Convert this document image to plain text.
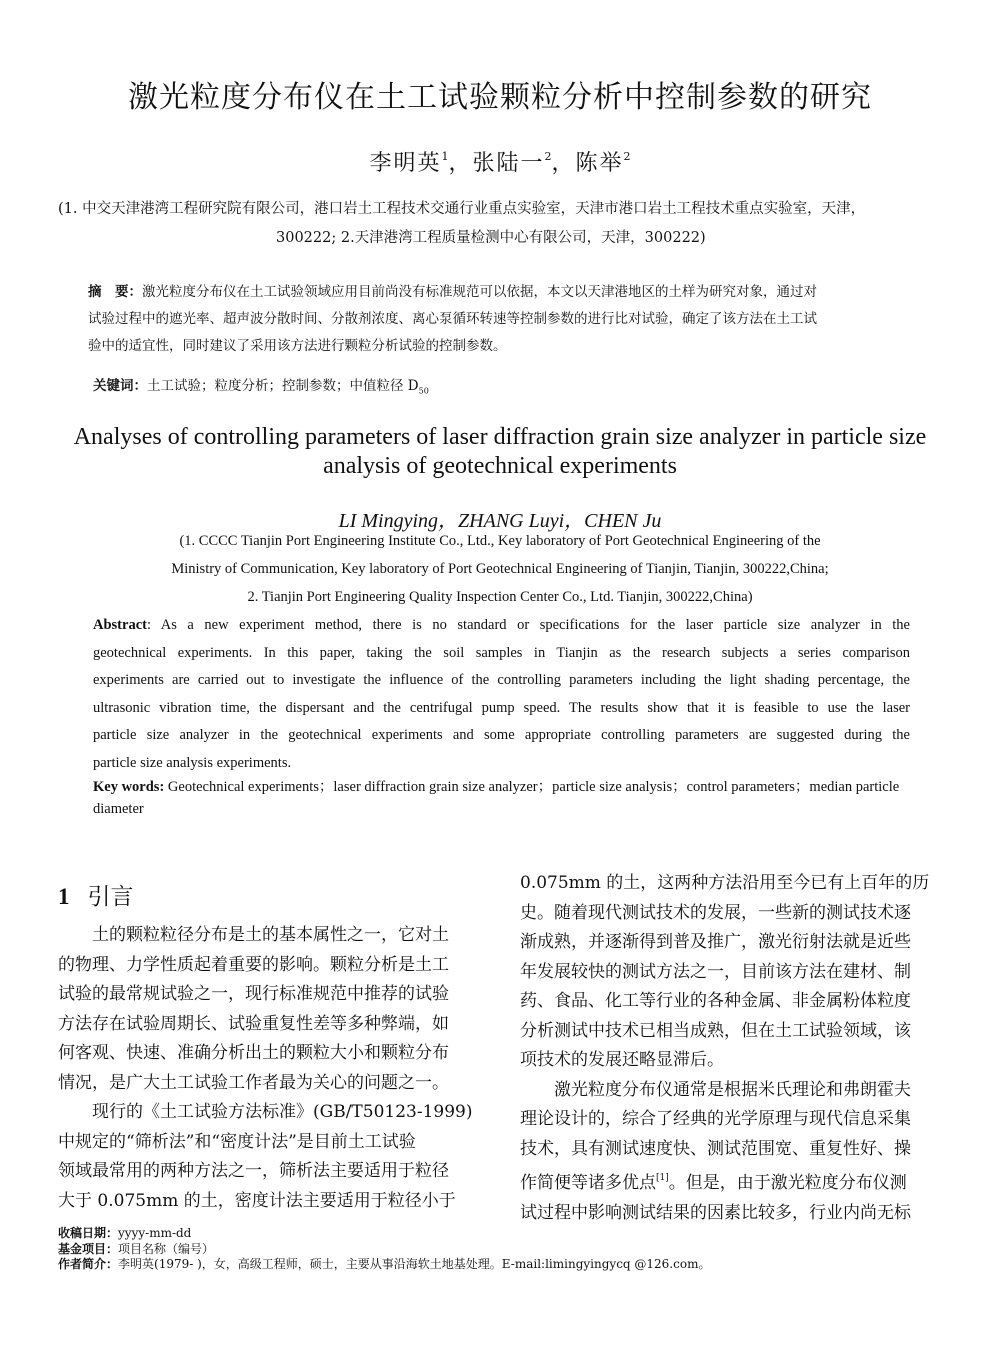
激光粒度分布仪在土工试验颗粒分析中控制参数的研究
李明英$^1$，张陆一$^2$，陈举$^2$
(1. 中交天津港湾工程研究院有限公司，港口岩土工程技术交通行业重点实验室，天津市港口岩土工程技术重点实验室，天津，
300222; 2.天津港湾工程质量检测中心有限公司，天津，300222)
摘　要：激光粒度分布仪在土工试验领域应用目前尚没有标准规范可以依据，本文以天津港地区的土样为研究对象，通过对
试验过程中的遮光率、超声波分散时间、分散剂浓度、离心泵循环转速等控制参数的进行比对试验，确定了该方法在土工试
验中的适宜性，同时建议了采用该方法进行颗粒分析试验的控制参数。
关键词：土工试验；粒度分析；控制参数；中值粒径 $D_{50}$
Analyses of controlling parameters of laser diffraction grain size analyzer in particle size
analysis of geotechnical experiments
LI Mingying，ZHANG Luyi，CHEN Ju
(1. CCCC Tianjin Port Engineering Institute Co., Ltd., Key laboratory of Port Geotechnical Engineering of the
Ministry of Communication, Key laboratory of Port Geotechnical Engineering of Tianjin, Tianjin, 300222,China;
2. Tianjin Port Engineering Quality Inspection Center Co., Ltd. Tianjin, 300222,China)
Abstract: As a new experiment method, there is no standard or specifications for the laser particle size analyzer in the
geotechnical experiments. In this paper, taking the soil samples in Tianjin as the research subjects a series comparison
experiments are carried out to investigate the influence of the controlling parameters including the light shading percentage, the
ultrasonic vibration time, the dispersant and the centrifugal pump speed. The results show that it is feasible to use the laser
particle size analyzer in the geotechnical experiments and some appropriate controlling parameters are suggested during the
particle size analysis experiments.
Key words: Geotechnical experiments；laser diffraction grain size analyzer；particle size analysis；control parameters；median particle diameter
1 引言
　　土的颗粒粒径分布是土的基本属性之一，它对土
的物理、力学性质起着重要的影响。颗粒分析是土工
试验的最常规试验之一，现行标准规范中推荐的试验
方法存在试验周期长、试验重复性差等多种弊端，如
何客观、快速、准确分析出土的颗粒大小和颗粒分布
情况，是广大土工试验工作者最为关心的问题之一。
　　现行的《土工试验方法标准》(GB/T50123-1999)
中规定的“筛析法”和“密度计法”是目前土工试验
领域最常用的两种方法之一，筛析法主要适用于粒径
大于 0.075mm 的土，密度计法主要适用于粒径小于
0.075mm 的土，这两种方法沿用至今已有上百年的历
史。随着现代测试技术的发展，一些新的测试技术逐
渐成熟，并逐渐得到普及推广，激光衍射法就是近些
年发展较快的测试方法之一，目前该方法在建材、制
药、食品、化工等行业的各种金属、非金属粉体粒度
分析测试中技术已相当成熟，但在土工试验领域，该
项技术的发展还略显滞后。
　　激光粒度分布仪通常是根据米氏理论和弗朗霍夫
理论设计的，综合了经典的光学原理与现代信息采集
技术，具有测试速度快、测试范围宽、重复性好、操
作简便等诸多优点[1]。但是，由于激光粒度分布仪测
试过程中影响测试结果的因素比较多，行业内尚无标
收稿日期：yyyy-mm-dd
基金项目：项目名称（编号）
作者简介：李明英(1979- )，女，高级工程师，硕士，主要从事沿海软土地基处理。E-mail:limingyingycq @126.com。
